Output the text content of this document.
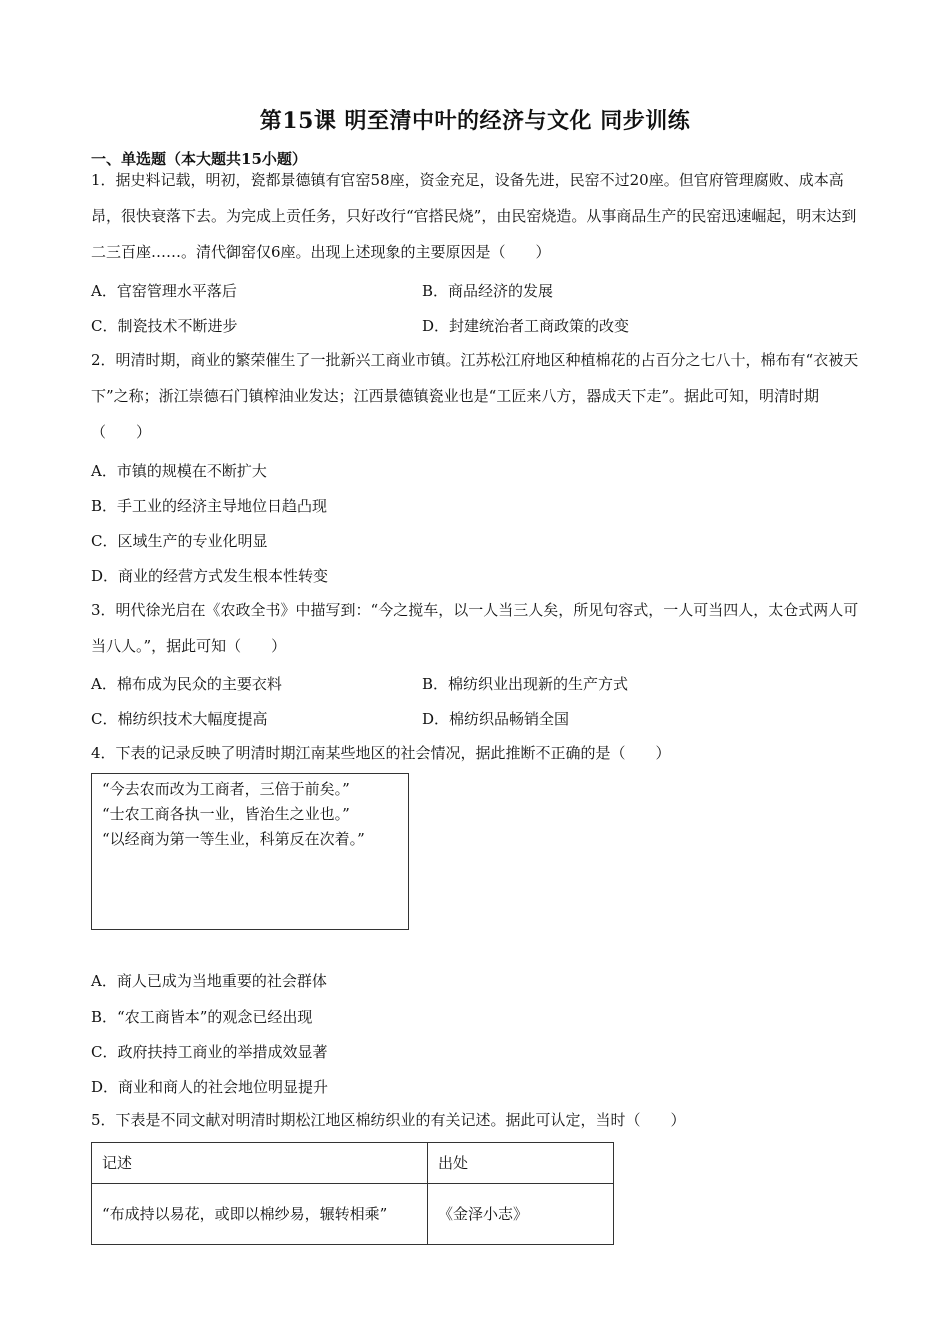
第15课 明至清中叶的经济与文化 同步训练
一、单选题（本大题共15小题）
1．据史料记载，明初，瓷都景德镇有官窑58座，资金充足，设备先进，民窑不过20座。但官府管理腐败、成本高昂，很快衰落下去。为完成上贡任务，只好改行“官搭民烧”，由民窑烧造。从事商品生产的民窑迅速崛起，明末达到二三百座……。清代御窑仅6座。出现上述现象的主要原因是（　　）
A．官窑管理水平落后	B．商品经济的发展
C．制瓷技术不断进步	D．封建统治者工商政策的改变
2．明清时期，商业的繁荣催生了一批新兴工商业市镇。江苏松江府地区种植棉花的占百分之七八十，棉布有“衣被天下”之称；浙江崇德石门镇榨油业发达；江西景德镇瓷业也是“工匠来八方，器成天下走”。据此可知，明清时期（　　）
A．市镇的规模在不断扩大
B．手工业的经济主导地位日趋凸现
C．区域生产的专业化明显
D．商业的经营方式发生根本性转变
3．明代徐光启在《农政全书》中描写到：“今之搅车，以一人当三人矣，所见句容式，一人可当四人，太仓式两人可当八人。”，据此可知（　　）
A．棉布成为民众的主要衣料	B．棉纺织业出现新的生产方式
C．棉纺织技术大幅度提高	D．棉纺织品畅销全国
4．下表的记录反映了明清时期江南某些地区的社会情况，据此推断不正确的是（　　）
“今去农而改为工商者，三倍于前矣。”
“士农工商各执一业，皆治生之业也。”
“以经商为第一等生业，科第反在次着。”
A．商人已成为当地重要的社会群体
B．“农工商皆本”的观念已经出现
C．政府扶持工商业的举措成效显著
D．商业和商人的社会地位明显提升
5．下表是不同文献对明清时期松江地区棉纺织业的有关记述。据此可认定，当时（　　）
记述	出处
“布成持以易花，或即以棉纱易，辗转相乘”	《金泽小志》
